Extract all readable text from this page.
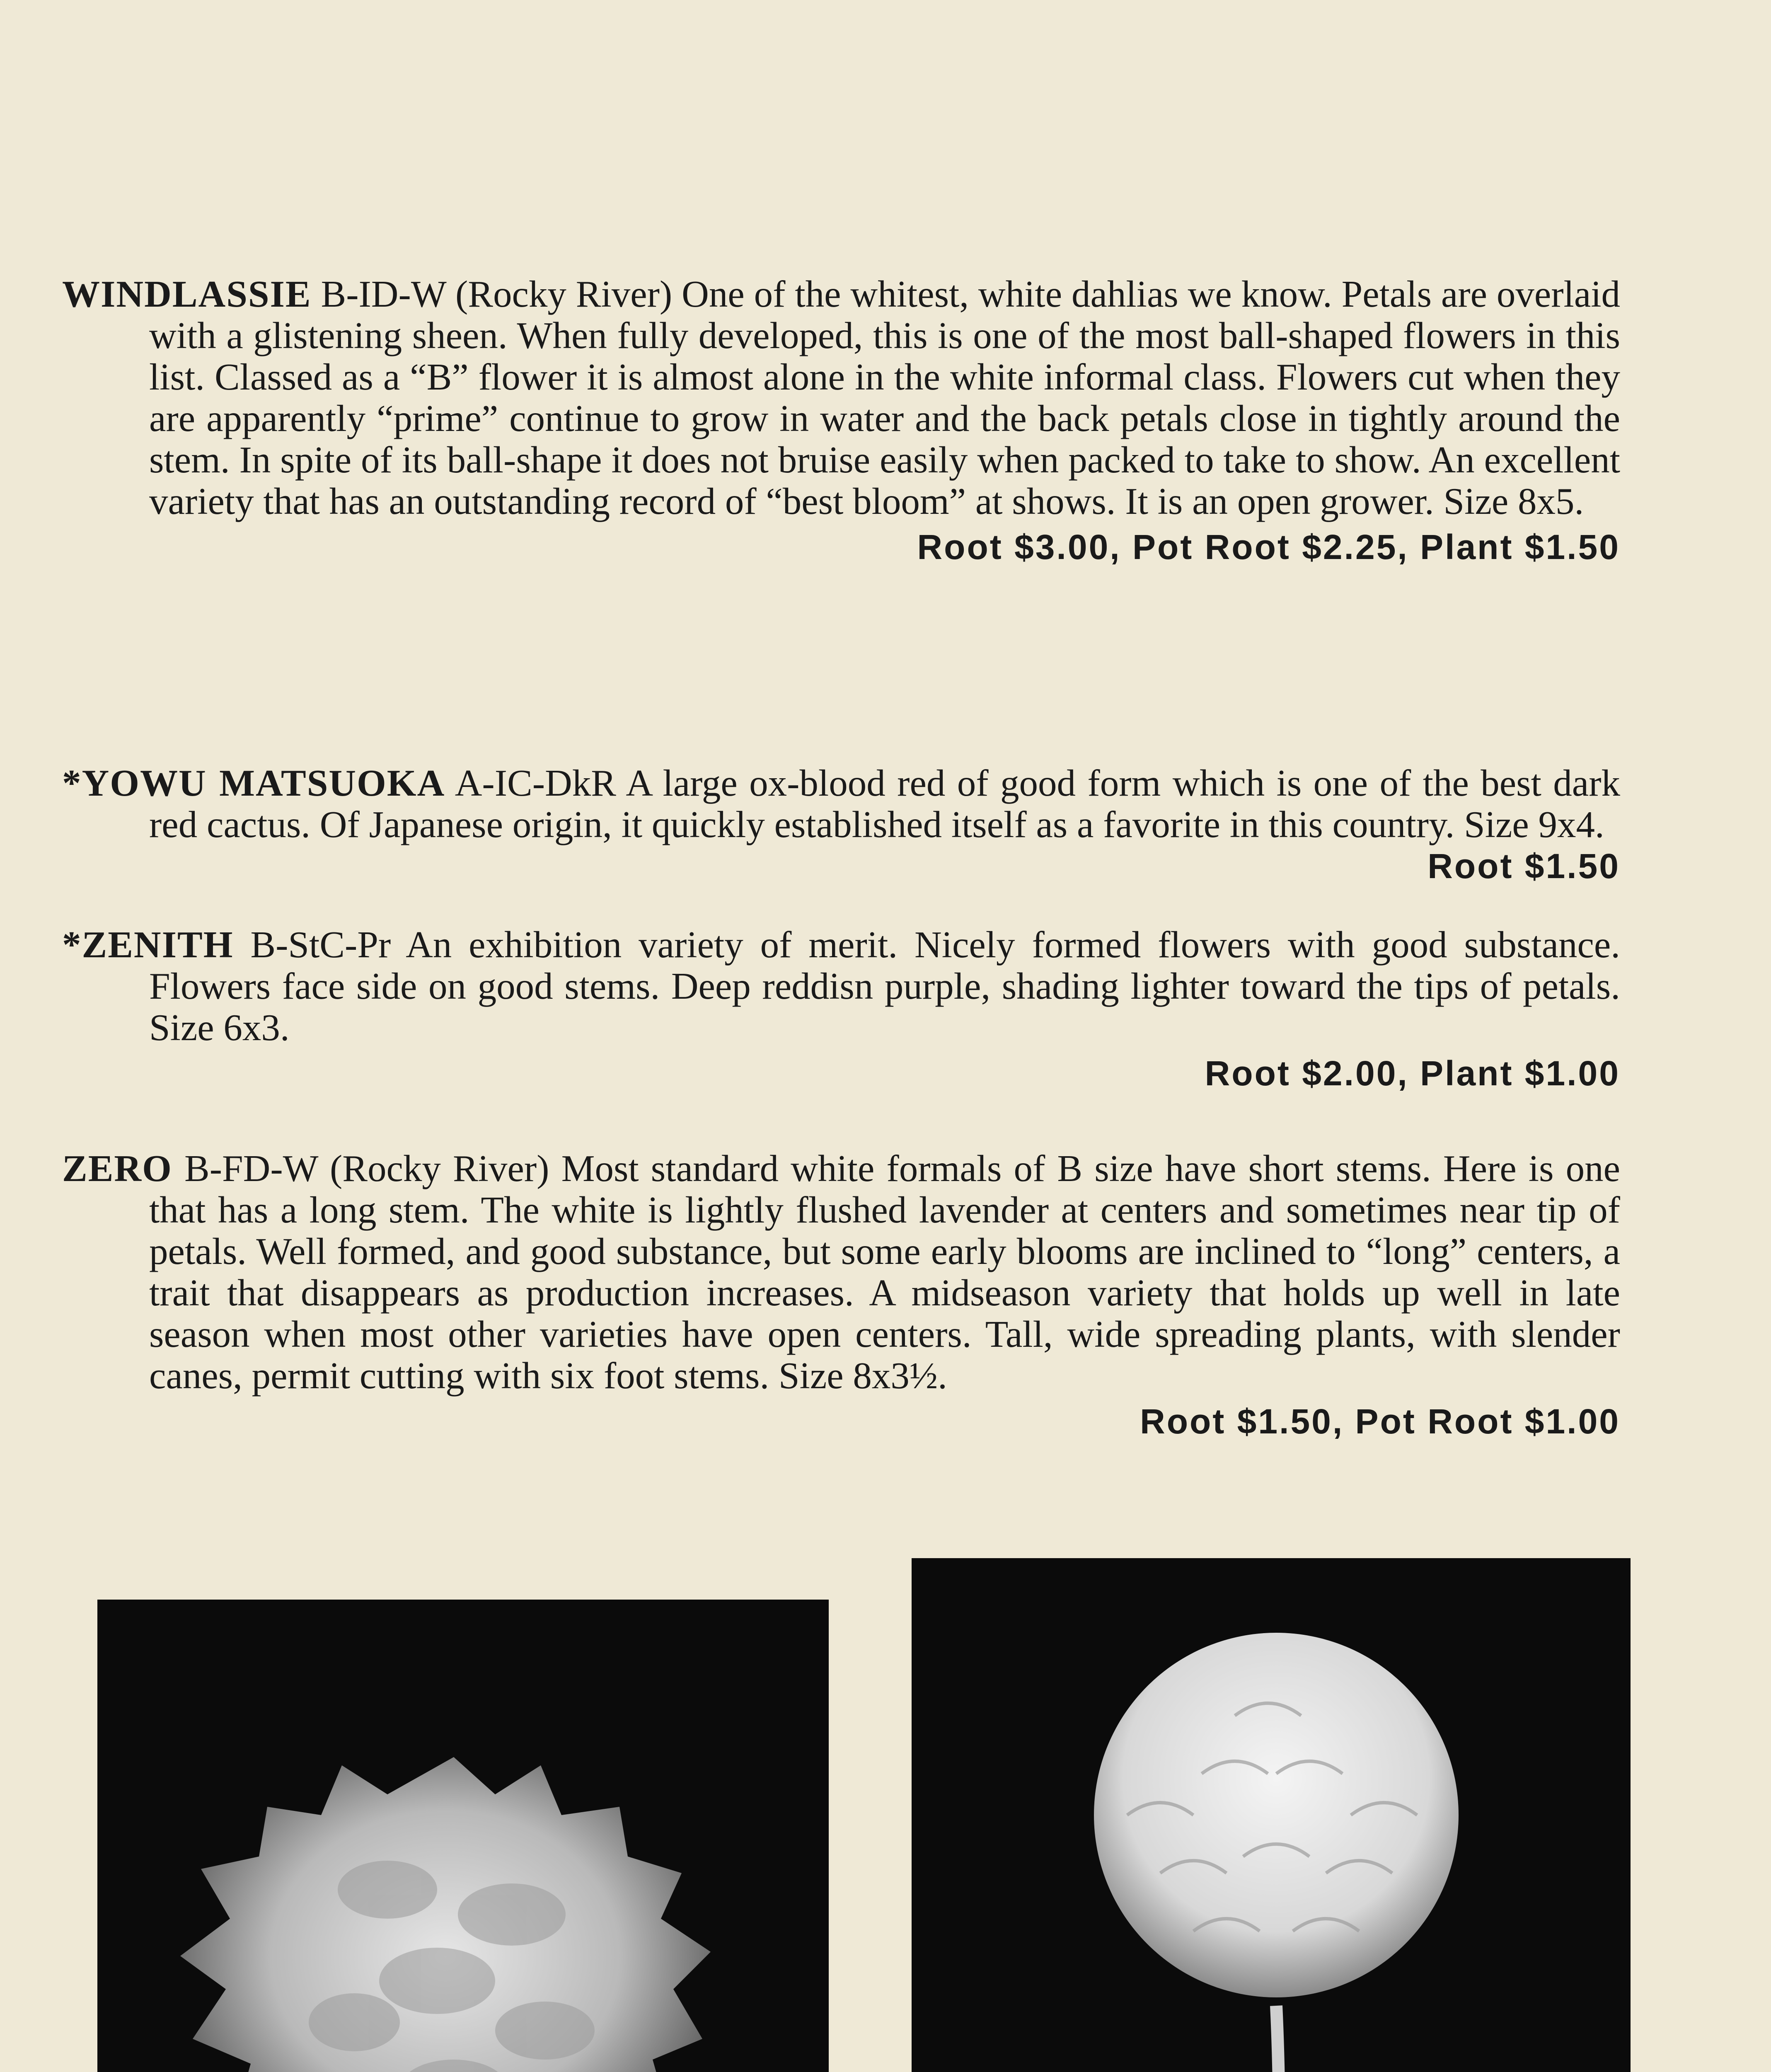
WINDLASSIE B-ID-W (Rocky River) One of the whitest, white dahlias we know. Petals are overlaid with a glistening sheen. When fully developed, this is one of the most ball-shaped flowers in this list. Classed as a “B” flower it is almost alone in the white informal class. Flowers cut when they are apparently “prime” continue to grow in water and the back petals close in tightly around the stem. In spite of its ball-shape it does not bruise easily when packed to take to show. An excellent variety that has an outstanding record of “best bloom” at shows. It is an open grower. Size 8x5.

Root $3.00, Pot Root $2.25, Plant $1.50

*YOWU MATSUOKA A-IC-DkR A large ox-blood red of good form which is one of the best dark red cactus. Of Japanese origin, it quickly established itself as a favorite in this country. Size 9x4.
Root $1.50

*ZENITH B-StC-Pr An exhibition variety of merit. Nicely formed flowers with good substance. Flowers face side on good stems. Deep reddisn purple, shading lighter toward the tips of petals. Size 6x3.

Root $2.00, Plant $1.00

ZERO B-FD-W (Rocky River) Most standard white formals of B size have short stems. Here is one that has a long stem. The white is lightly flushed lavender at centers and sometimes near tip of petals. Well formed, and good substance, but some early blooms are inclined to “long” centers, a trait that disappears as production increases. A midseason variety that holds up well in late season when most other varieties have open centers. Tall, wide spreading plants, with slender canes, permit cutting with six foot stems. Size 8x3½.

Root $1.50, Pot Root $1.00
